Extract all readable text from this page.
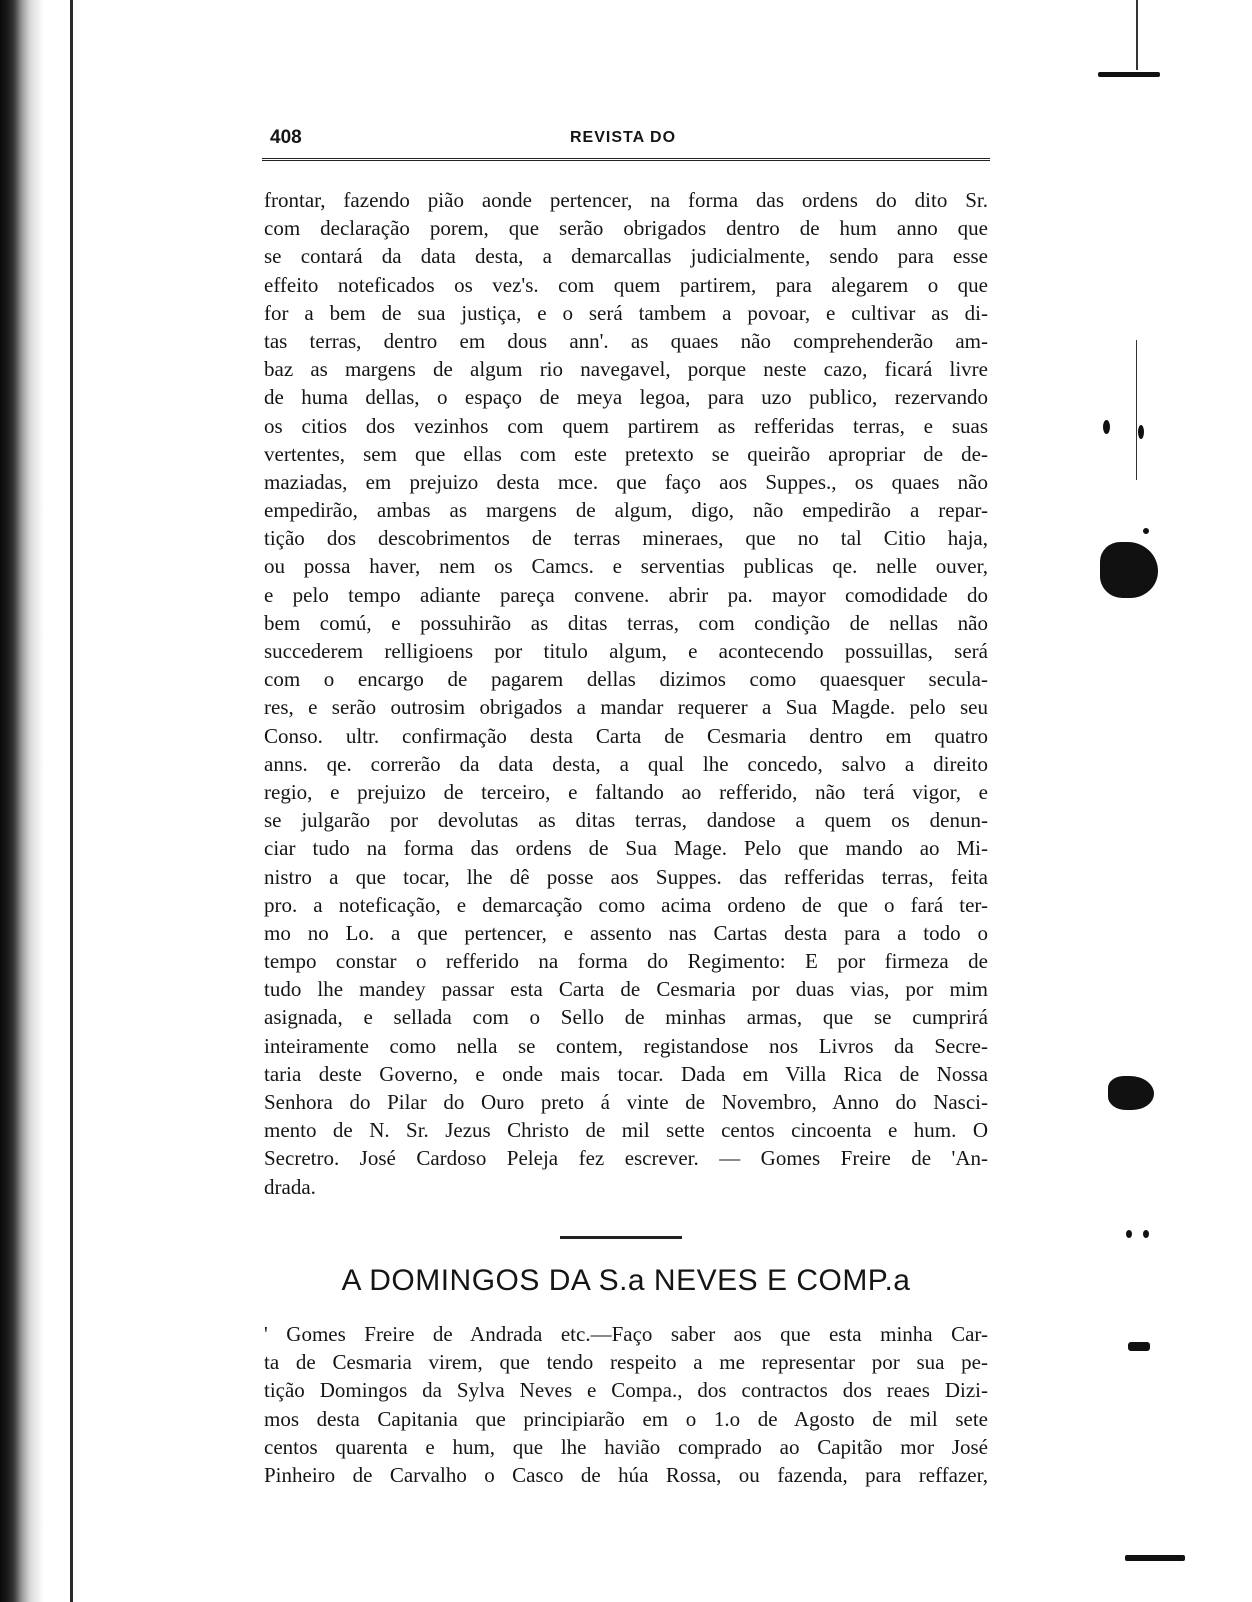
408	REVISTA DO
frontar, fazendo pião aonde pertencer, na forma das ordens do dito Sr.
com declaração porem, que serão obrigados dentro de hum anno que
se contará da data desta, a demarcallas judicialmente, sendo para esse
effeito noteficados os vez's. com quem partirem, para alegarem o que
for a bem de sua justiça, e o será tambem a povoar, e cultivar as di-
tas terras, dentro em dous ann'. as quaes não comprehenderão am-
baz as margens de algum rio navegavel, porque neste cazo, ficará livre
de huma dellas, o espaço de meya legoa, para uzo publico, rezervando
os citios dos vezinhos com quem partirem as refferidas terras, e suas
vertentes, sem que ellas com este pretexto se queirão apropriar de de-
maziadas, em prejuizo desta mce. que faço aos Suppes., os quaes não
empedirão, ambas as margens de algum, digo, não empedirão a repar-
tição dos descobrimentos de terras mineraes, que no tal Citio haja,
ou possa haver, nem os Camcs. e serventias publicas qe. nelle ouver,
e pelo tempo adiante pareça convene. abrir pa. mayor comodidade do
bem comú, e possuhirão as ditas terras, com condição de nellas não
succederem relligioens por titulo algum, e acontecendo possuillas, será
com o encargo de pagarem dellas dizimos como quaesquer secula-
res, e serão outrosim obrigados a mandar requerer a Sua Magde. pelo seu
Conso. ultr. confirmação desta Carta de Cesmaria dentro em quatro
anns. qe. correrão da data desta, a qual lhe concedo, salvo a direito
regio, e prejuizo de terceiro, e faltando ao refferido, não terá vigor, e
se julgarão por devolutas as ditas terras, dandose a quem os denun-
ciar tudo na forma das ordens de Sua Mage. Pelo que mando ao Mi-
nistro a que tocar, lhe dê posse aos Suppes. das refferidas terras, feita
pro. a noteficação, e demarcação como acima ordeno de que o fará ter-
mo no Lo. a que pertencer, e assento nas Cartas desta para a todo o
tempo constar o refferido na forma do Regimento: E por firmeza de
tudo lhe mandey passar esta Carta de Cesmaria por duas vias, por mim
asignada, e sellada com o Sello de minhas armas, que se cumprirá
inteiramente como nella se contem, registandose nos Livros da Secre-
taria deste Governo, e onde mais tocar. Dada em Villa Rica de Nossa
Senhora do Pilar do Ouro preto á vinte de Novembro, Anno do Nasci-
mento de N. Sr. Jezus Christo de mil sette centos cincoenta e hum. O
Secretro. José Cardoso Peleja fez escrever. — Gomes Freire de 'An-
drada.
A DOMINGOS DA S.a NEVES E COMP.a
' Gomes Freire de Andrada etc.—Faço saber aos que esta minha Car-
ta de Cesmaria virem, que tendo respeito a me representar por sua pe-
tição Domingos da Sylva Neves e Compa., dos contractos dos reaes Dizi-
mos desta Capitania que principiarão em o 1.o de Agosto de mil sete
centos quarenta e hum, que lhe havião comprado ao Capitão mor José
Pinheiro de Carvalho o Casco de húa Rossa, ou fazenda, para reffazer,
